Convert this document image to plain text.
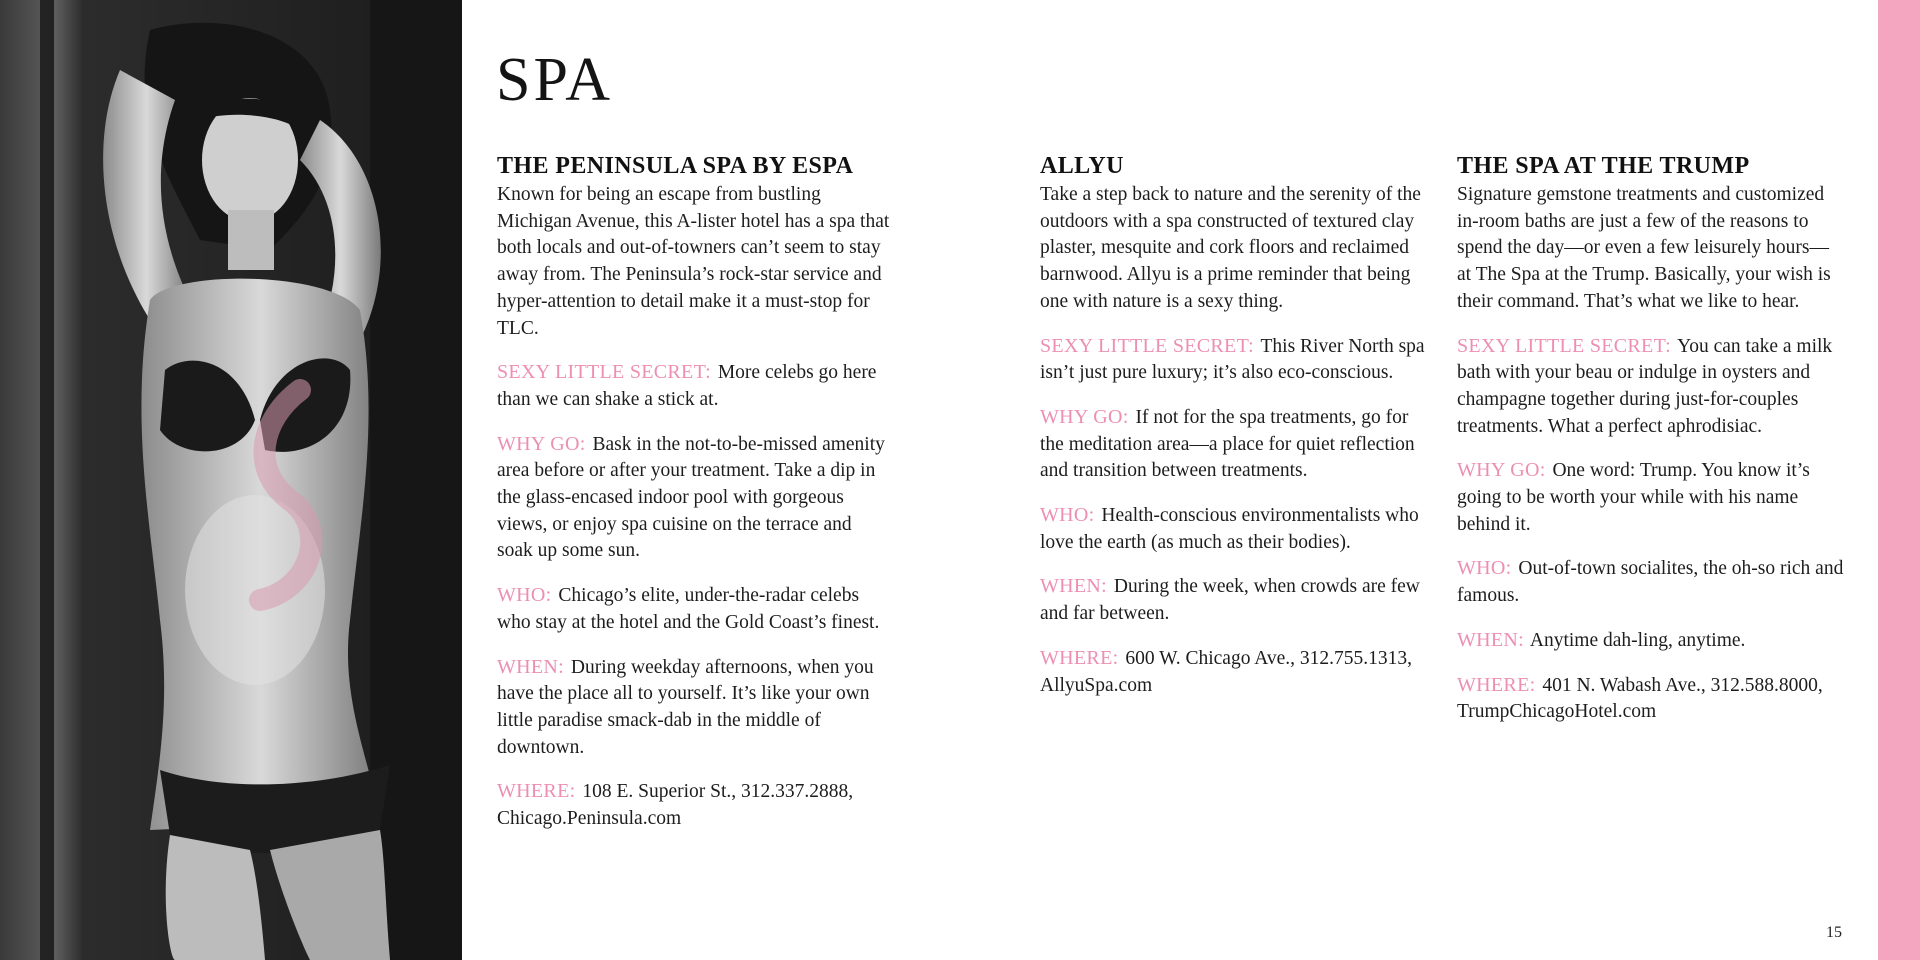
SPA
THE PENINSULA SPA BY ESPA

Known for being an escape from bustling Michigan Avenue, this A-lister hotel has a spa that both locals and out-of-towners can’t seem to stay away from. The Peninsula’s rock-star service and hyper-attention to detail make it a must-stop for TLC.

SEXY LITTLE SECRET: More celebs go here than we can shake a stick at.

WHY GO: Bask in the not-to-be-missed amenity area before or after your treatment. Take a dip in the glass-encased indoor pool with gorgeous views, or enjoy spa cuisine on the terrace and soak up some sun.

WHO: Chicago’s elite, under-the-radar celebs who stay at the hotel and the Gold Coast’s finest.

WHEN: During weekday afternoons, when you have the place all to yourself. It’s like your own little paradise smack-dab in the middle of downtown.

WHERE: 108 E. Superior St., 312.337.2888, Chicago.Peninsula.com

ALLYU

Take a step back to nature and the serenity of the outdoors with a spa constructed of textured clay plaster, mesquite and cork floors and reclaimed barnwood. Allyu is a prime reminder that being one with nature is a sexy thing.

SEXY LITTLE SECRET: This River North spa isn’t just pure luxury; it’s also eco-conscious.

WHY GO: If not for the spa treatments, go for the meditation area—a place for quiet reflection and transition between treatments.

WHO: Health-conscious environmentalists who love the earth (as much as their bodies).

WHEN: During the week, when crowds are few and far between.

WHERE: 600 W. Chicago Ave., 312.755.1313, AllyuSpa.com

THE SPA AT THE TRUMP

Signature gemstone treatments and customized in-room baths are just a few of the reasons to spend the day—or even a few leisurely hours— at The Spa at the Trump. Basically, your wish is their command. That’s what we like to hear.

SEXY LITTLE SECRET: You can take a milk bath with your beau or indulge in oysters and champagne together during just-for-couples treatments. What a perfect aphrodisiac.

WHY GO: One word: Trump. You know it’s going to be worth your while with his name behind it.

WHO: Out-of-town socialites, the oh-so rich and famous.

WHEN: Anytime dah-ling, anytime.

WHERE: 401 N. Wabash Ave., 312.588.8000, TrumpChicagoHotel.com

15
